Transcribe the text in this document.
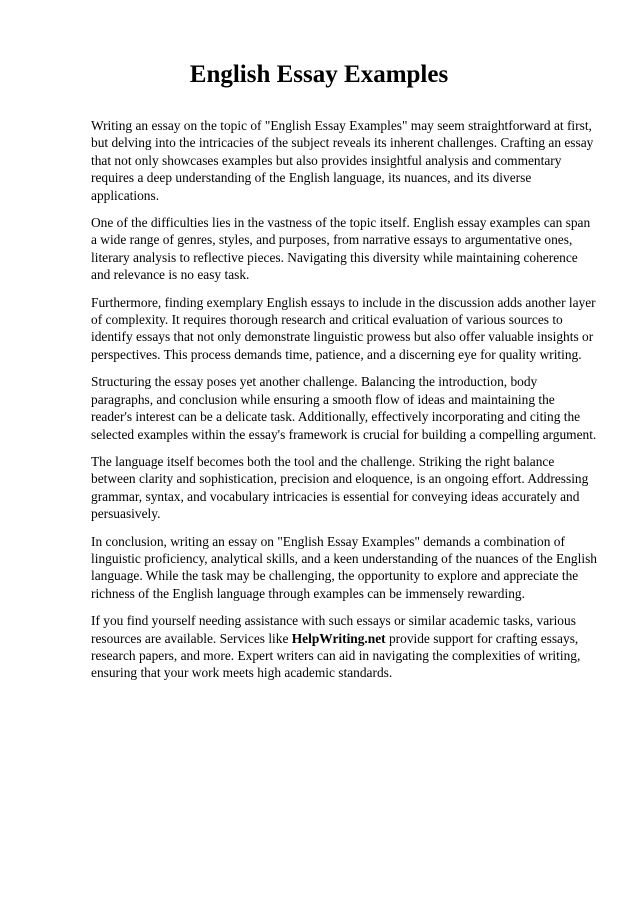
English Essay Examples

Writing an essay on the topic of "English Essay Examples" may seem straightforward at first, but delving into the intricacies of the subject reveals its inherent challenges. Crafting an essay that not only showcases examples but also provides insightful analysis and commentary requires a deep understanding of the English language, its nuances, and its diverse applications.

One of the difficulties lies in the vastness of the topic itself. English essay examples can span a wide range of genres, styles, and purposes, from narrative essays to argumentative ones, literary analysis to reflective pieces. Navigating this diversity while maintaining coherence and relevance is no easy task.

Furthermore, finding exemplary English essays to include in the discussion adds another layer of complexity. It requires thorough research and critical evaluation of various sources to identify essays that not only demonstrate linguistic prowess but also offer valuable insights or perspectives. This process demands time, patience, and a discerning eye for quality writing.

Structuring the essay poses yet another challenge. Balancing the introduction, body paragraphs, and conclusion while ensuring a smooth flow of ideas and maintaining the reader's interest can be a delicate task. Additionally, effectively incorporating and citing the selected examples within the essay's framework is crucial for building a compelling argument.

The language itself becomes both the tool and the challenge. Striking the right balance between clarity and sophistication, precision and eloquence, is an ongoing effort. Addressing grammar, syntax, and vocabulary intricacies is essential for conveying ideas accurately and persuasively.

In conclusion, writing an essay on "English Essay Examples" demands a combination of linguistic proficiency, analytical skills, and a keen understanding of the nuances of the English language. While the task may be challenging, the opportunity to explore and appreciate the richness of the English language through examples can be immensely rewarding.

If you find yourself needing assistance with such essays or similar academic tasks, various resources are available. Services like HelpWriting.net provide support for crafting essays, research papers, and more. Expert writers can aid in navigating the complexities of writing, ensuring that your work meets high academic standards.
